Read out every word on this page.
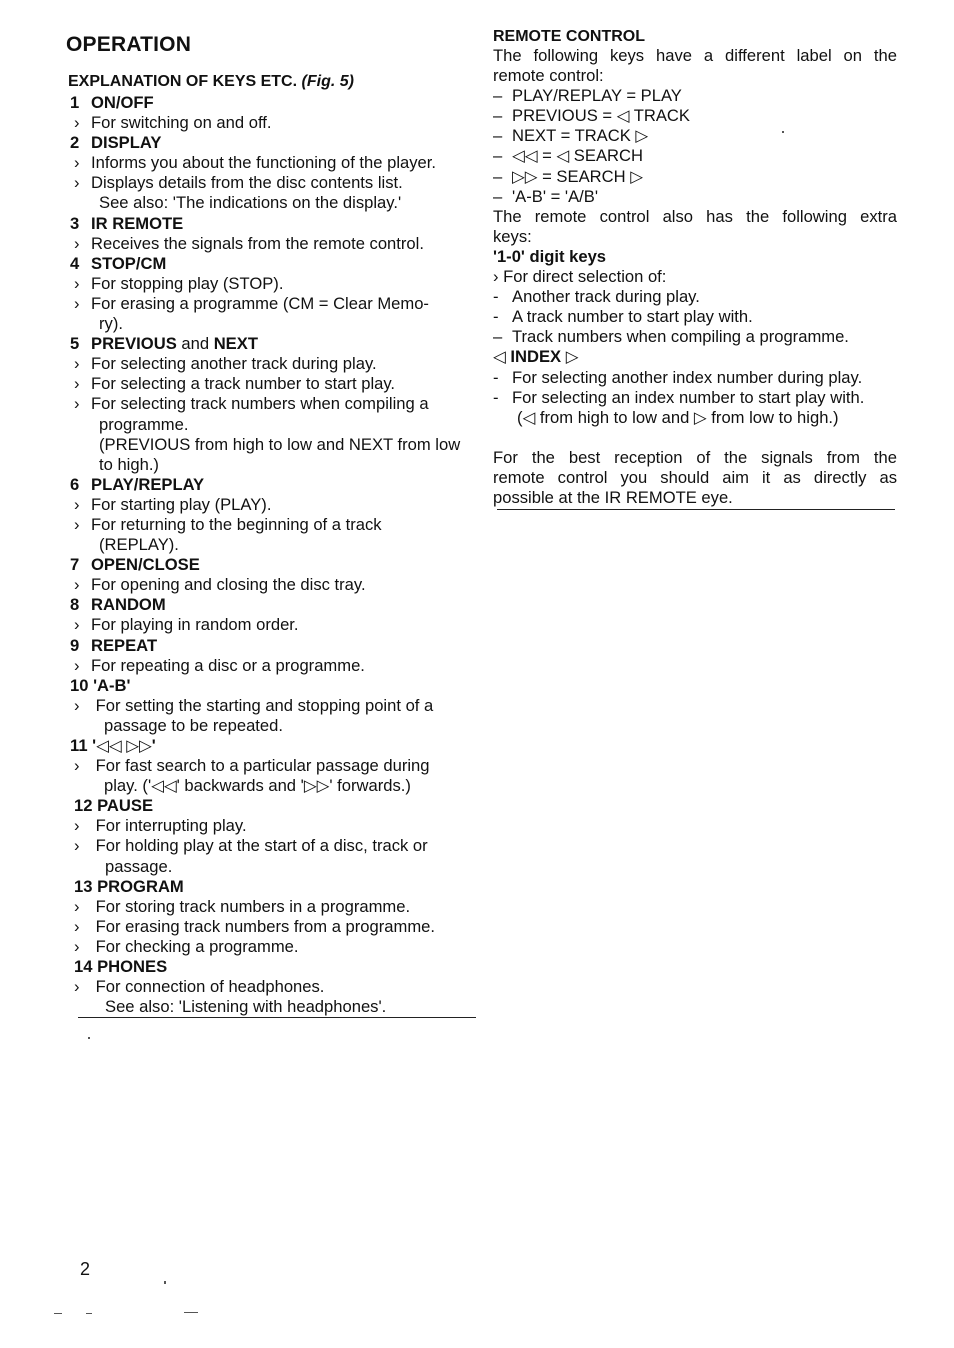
OPERATION
EXPLANATION OF KEYS ETC. (Fig. 5)
1 ON/OFF
› For switching on and off.
2 DISPLAY
› Informs you about the functioning of the player.
› Displays details from the disc contents list.
See also: 'The indications on the display.'
3 IR REMOTE
› Receives the signals from the remote control.
4 STOP/CM
› For stopping play (STOP).
› For erasing a programme (CM = Clear Memo-
ry).
5 PREVIOUS and NEXT
› For selecting another track during play.
› For selecting a track number to start play.
› For selecting track numbers when compiling a
programme.
(PREVIOUS from high to low and NEXT from low
to high.)
6 PLAY/REPLAY
› For starting play (PLAY).
› For returning to the beginning of a track
(REPLAY).
7 OPEN/CLOSE
› For opening and closing the disc tray.
8 RANDOM
› For playing in random order.
9 REPEAT
› For repeating a disc or a programme.
10 'A-B'
› For setting the starting and stopping point of a
passage to be repeated.
11 '◁◁ ▷▷'
› For fast search to a particular passage during
play. ('◁◁' backwards and '▷▷' forwards.)
12 PAUSE
› For interrupting play.
› For holding play at the start of a disc, track or
passage.
13 PROGRAM
› For storing track numbers in a programme.
› For erasing track numbers from a programme.
› For checking a programme.
14 PHONES
› For connection of headphones.
See also: 'Listening with headphones'.
REMOTE CONTROL
The following keys have a different label on the
remote control:
– PLAY/REPLAY = PLAY
– PREVIOUS = ◁ TRACK
– NEXT = TRACK ▷
– ◁◁ = ◁ SEARCH
– ▷▷ = SEARCH ▷
– 'A-B' = 'A/B'
The remote control also has the following extra
keys:
'1-0' digit keys
› For direct selection of:
- Another track during play.
- A track number to start play with.
– Track numbers when compiling a programme.
◁ INDEX ▷
- For selecting another index number during play.
- For selecting an index number to start play with.
(◁ from high to low and ▷ from low to high.)
For the best reception of the signals from the
remote control you should aim it as directly as
possible at the IR REMOTE eye.
2
